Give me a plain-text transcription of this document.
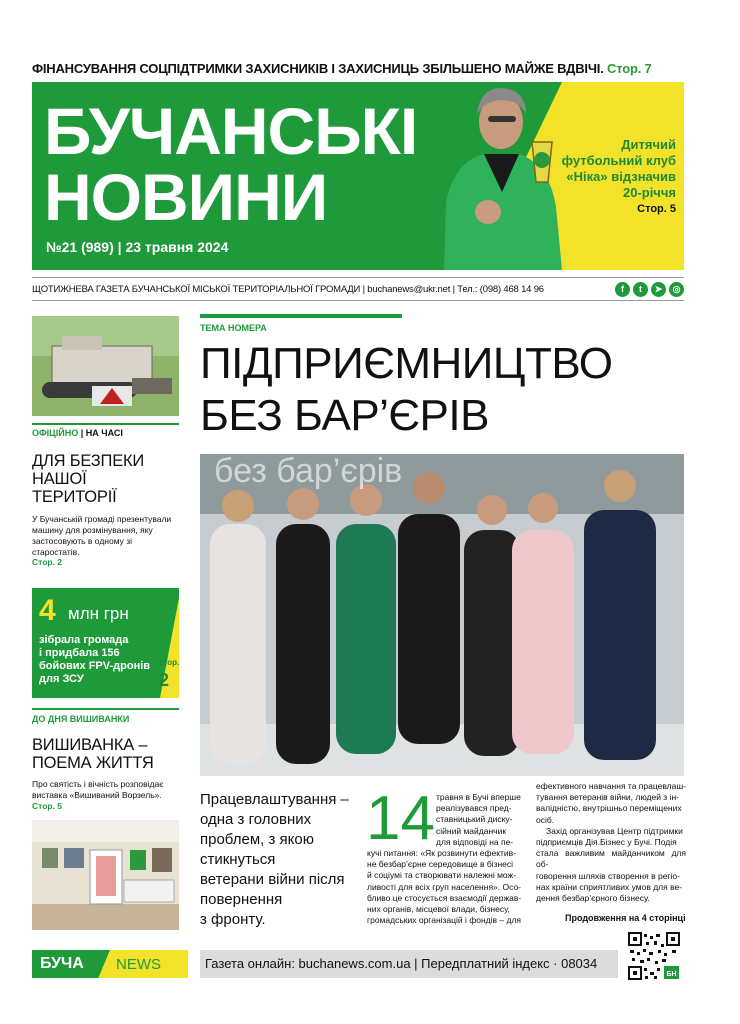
ФІНАНСУВАННЯ СОЦПІДТРИМКИ ЗАХИСНИКІВ І ЗАХИСНИЦЬ ЗБІЛЬШЕНО МАЙЖЕ ВДВІЧІ. Стор. 7
БУЧАНСЬКІ
НОВИНИ
№21 (989) | 23 травня 2024
Дитячий
футбольний клуб
«Ніка» відзначив
20-річчя
Стор. 5
ЩОТИЖНЕВА ГАЗЕТА БУЧАНСЬКОЇ МІСЬКОЇ ТЕРИТОРІАЛЬНОЇ ГРОМАДИ | buchanews@ukr.net | Тел.: (098) 468 14 96	f	t	➤	◎
ОФІЦІЙНО | НА ЧАСІ
ДЛЯ БЕЗПЕКИ
НАШОЇ
ТЕРИТОРІЇ
У Бучанській громаді презентували машину для розмінування, яку застосовують в одному зі старостатів.
Стор. 2
4 млн грн
зібрала громада
і придбала 156
бойових FPV-дронів
для ЗСУ
стор.
2
ДО ДНЯ ВИШИВАНКИ
ВИШИВАНКА –
ПОЕМА ЖИТТЯ
Про святість і вічність розповідає виставка «Вишиваний Ворзель».
Стор. 5
ТЕМА НОМЕРА
ПІДПРИЄМНИЦТВО
БЕЗ БАР’ЄРІВ
без бар’єрів
Працевлаштування –
одна з головних
проблем, з якою
стикнуться
ветерани війни після
повернення
з фронту.
14 травня в Бучі вперше
реалізувався пред-
ставницький диску-
сійний майданчик
для відповіді на пе-
кучі питання: «Як розвинути ефектив-
не безбар’єрне середовище в бізнесі
й соціумі та створювати належні мож-
ливості для всіх груп населення». Осо-
бливо це стосується взаємодії держав-
них органів, місцевої влади, бізнесу,
громадських організацій і фондів – для
ефективного навчання та працевлаш-
тування ветеранів війни, людей з ін-
валідністю, внутрішньо переміщених
осіб.
Захід організував Центр підтримки
підприємців Дія.Бізнес у Бучі. Подія
стала важливим майданчиком для об-
говорення шляхів створення в регіо-
нах країни сприятливих умов для ве-
дення безбар’єрного бізнесу.
Продовження на 4 сторінці
БУЧА NEWS	Газета онлайн: buchanews.com.ua | Передплатний індекс · 08034
БН
